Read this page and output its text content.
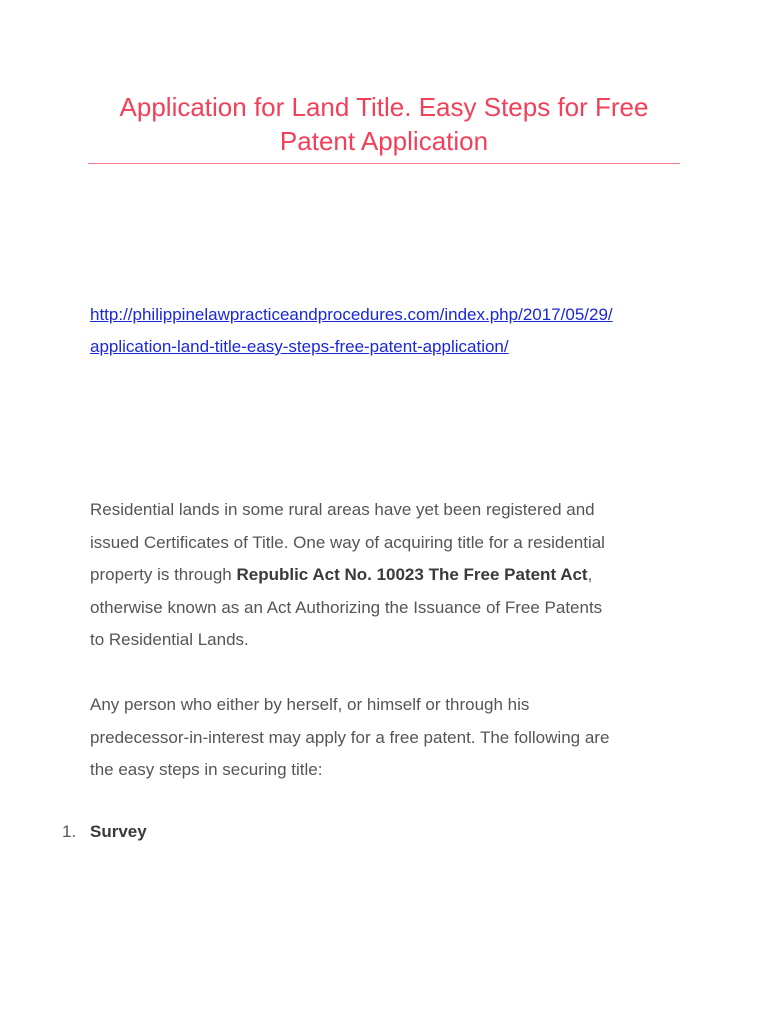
Application for Land Title. Easy Steps for Free
Patent Application
http://philippinelawpracticeandprocedures.com/index.php/2017/05/29/
application-land-title-easy-steps-free-patent-application/

Residential lands in some rural areas have yet been registered and
issued Certificates of Title. One way of acquiring title for a residential
property is through Republic Act No. 10023 The Free Patent Act,
otherwise known as an Act Authorizing the Issuance of Free Patents
to Residential Lands.

Any person who either by herself, or himself or through his
predecessor-in-interest may apply for a free patent. The following are
the easy steps in securing title:

1. Survey
